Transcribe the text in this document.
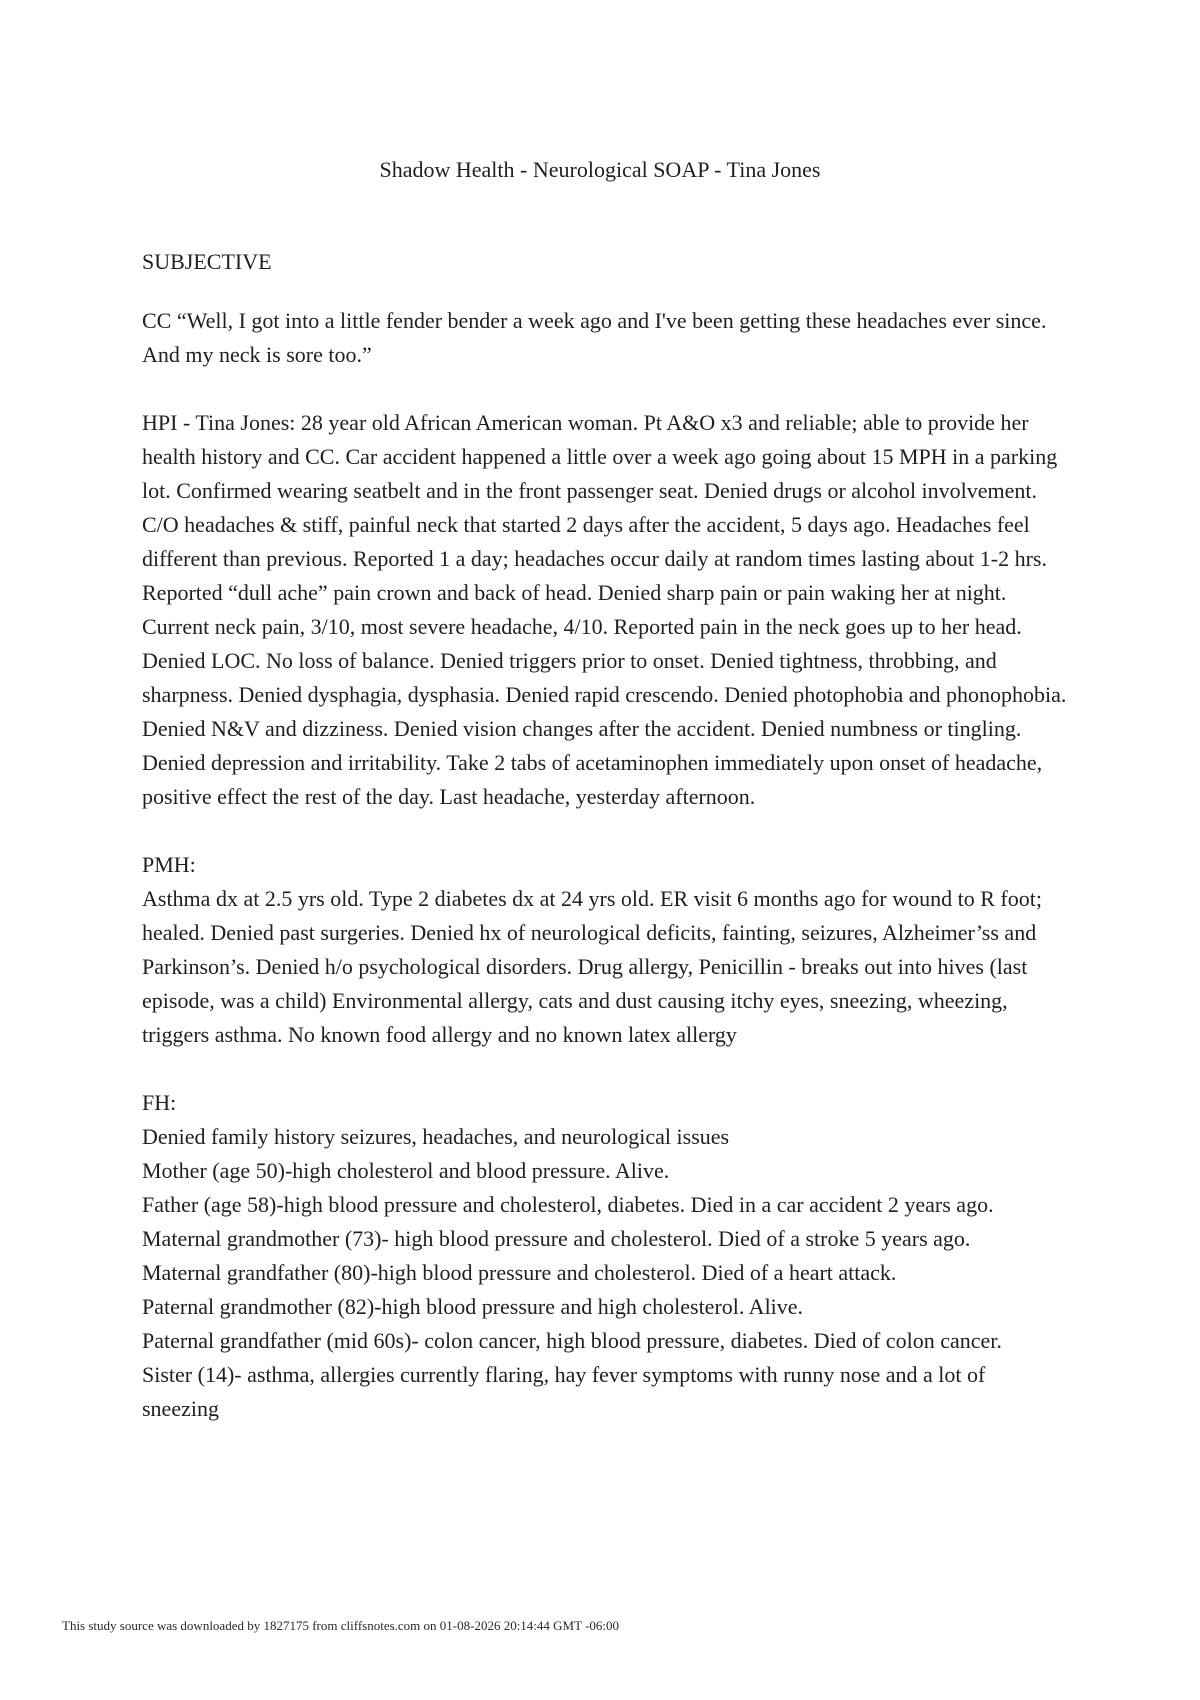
Shadow Health - Neurological SOAP - Tina Jones
SUBJECTIVE

CC “Well, I got into a little fender bender a week ago and I've been getting these headaches ever since. And my neck is sore too.”

HPI - Tina Jones: 28 year old African American woman. Pt A&O x3 and reliable; able to provide her health history and CC. Car accident happened a little over a week ago going about 15 MPH in a parking lot. Confirmed wearing seatbelt and in the front passenger seat. Denied drugs or alcohol involvement. C/O headaches & stiff, painful neck that started 2 days after the accident, 5 days ago. Headaches feel different than previous. Reported 1 a day; headaches occur daily at random times lasting about 1-2 hrs. Reported “dull ache” pain crown and back of head. Denied sharp pain or pain waking her at night. Current neck pain, 3/10, most severe headache, 4/10. Reported pain in the neck goes up to her head. Denied LOC. No loss of balance. Denied triggers prior to onset. Denied tightness, throbbing, and sharpness. Denied dysphagia, dysphasia. Denied rapid crescendo. Denied photophobia and phonophobia. Denied N&V and dizziness. Denied vision changes after the accident. Denied numbness or tingling. Denied depression and irritability. Take 2 tabs of acetaminophen immediately upon onset of headache, positive effect the rest of the day. Last headache, yesterday afternoon.

PMH:

Asthma dx at 2.5 yrs old. Type 2 diabetes dx at 24 yrs old. ER visit 6 months ago for wound to R foot; healed. Denied past surgeries. Denied hx of neurological deficits, fainting, seizures, Alzheimer’ss and Parkinson’s. Denied h/o psychological disorders. Drug allergy, Penicillin - breaks out into hives (last episode, was a child) Environmental allergy, cats and dust causing itchy eyes, sneezing, wheezing, triggers asthma. No known food allergy and no known latex allergy

FH:
Denied family history seizures, headaches, and neurological issues
Mother (age 50)-high cholesterol and blood pressure. Alive.
Father (age 58)-high blood pressure and cholesterol, diabetes. Died in a car accident 2 years ago.
Maternal grandmother (73)- high blood pressure and cholesterol. Died of a stroke 5 years ago.
Maternal grandfather (80)-high blood pressure and cholesterol. Died of a heart attack.
Paternal grandmother (82)-high blood pressure and high cholesterol. Alive.
Paternal grandfather (mid 60s)- colon cancer, high blood pressure, diabetes. Died of colon cancer.
Sister (14)- asthma, allergies currently flaring, hay fever symptoms with runny nose and a lot of sneezing
This study source was downloaded by 1827175 from cliffsnotes.com on 01-08-2026 20:14:44 GMT -06:00
